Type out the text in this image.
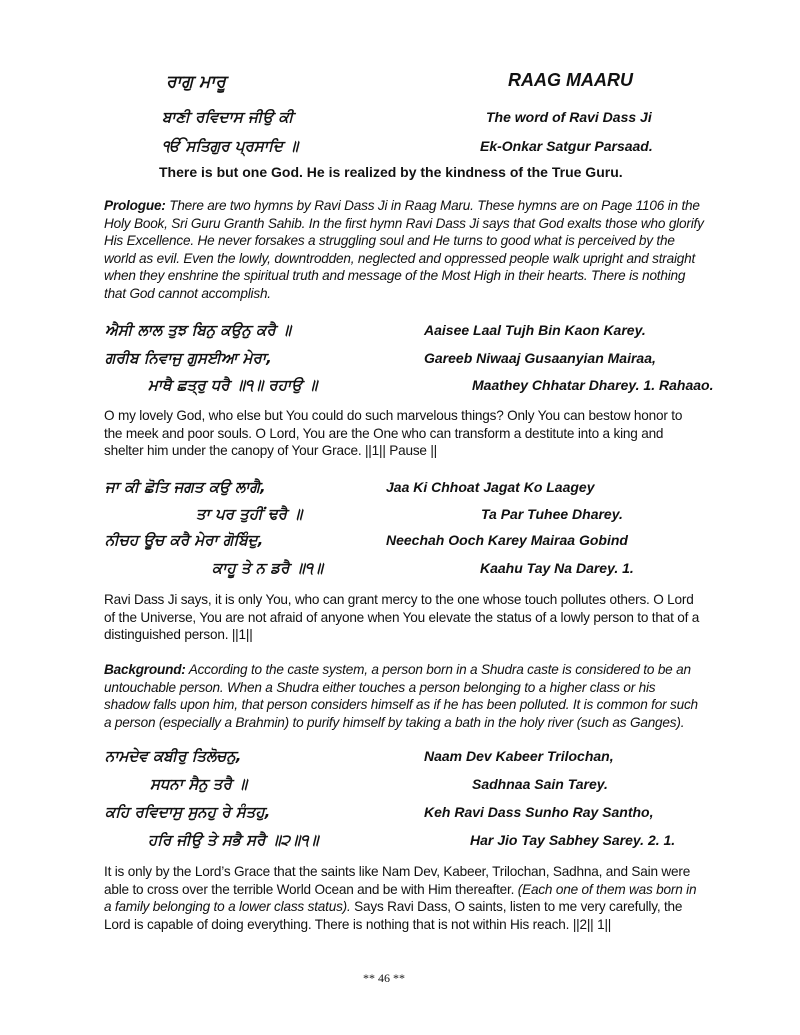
ਰਾਗੁ ਮਾਰੂ	RAAG MAARU
ਬਾਣੀ ਰਵਿਦਾਸ ਜੀਉ ਕੀ	The word of Ravi Dass Ji
ੴ ਸਤਿਗੁਰ ਪ੍ਰਸਾਦਿ ॥	Ek-Onkar Satgur Parsaad.
There is but one God. He is realized by the kindness of the True Guru.
Prologue: There are two hymns by Ravi Dass Ji in Raag Maru. These hymns are on Page 1106 in the Holy Book, Sri Guru Granth Sahib. In the first hymn Ravi Dass Ji says that God exalts those who glorify His Excellence. He never forsakes a struggling soul and He turns to good what is perceived by the world as evil. Even the lowly, downtrodden, neglected and oppressed people walk upright and straight when they enshrine the spiritual truth and message of the Most High in their hearts. There is nothing that God cannot accomplish.
ਐਸੀ ਲਾਲ ਤੁਝ ਬਿਨੁ ਕਉਨੁ ਕਰੈ ॥	Aaisee Laal Tujh Bin Kaon Karey.
ਗਰੀਬ ਨਿਵਾਜੁ ਗੁਸਈਆ ਮੇਰਾ,	Gareeb Niwaaj Gusaanyian Mairaa,
ਮਾਥੈ ਛਤ੍ਰੁ ਧਰੈ ॥੧॥ ਰਹਾਉ ॥	Maathey Chhatar Dharey. 1. Rahaao.
O my lovely God, who else but You could do such marvelous things? Only You can bestow honor to the meek and poor souls. O Lord, You are the One who can transform a destitute into a king and shelter him under the canopy of Your Grace. ||1|| Pause ||
ਜਾ ਕੀ ਛੋਤਿ ਜਗਤ ਕਉ ਲਾਗੈ,	Jaa Ki Chhoat Jagat Ko Laagey
ਤਾ ਪਰ ਤੁਹੀਂ ਢਰੈ ॥	Ta Par Tuhee Dharey.
ਨੀਚਹ ਊਚ ਕਰੈ ਮੇਰਾ ਗੋਬਿੰਦੁ,	Neechah Ooch Karey Mairaa Gobind
ਕਾਹੂ ਤੇ ਨ ਡਰੈ ॥੧॥	Kaahu Tay Na Darey. 1.
Ravi Dass Ji says, it is only You, who can grant mercy to the one whose touch pollutes others. O Lord of the Universe, You are not afraid of anyone when You elevate the status of a lowly person to that of a distinguished person. ||1||
Background: According to the caste system, a person born in a Shudra caste is considered to be an untouchable person. When a Shudra either touches a person belonging to a higher class or his shadow falls upon him, that person considers himself as if he has been polluted. It is common for such a person (especially a Brahmin) to purify himself by taking a bath in the holy river (such as Ganges).
ਨਾਮਦੇਵ ਕਬੀਰੁ ਤਿਲੋਚਨੁ,	Naam Dev Kabeer Trilochan,
ਸਧਨਾ ਸੈਨੁ ਤਰੈ ॥	Sadhnaa Sain Tarey.
ਕਹਿ ਰਵਿਦਾਸੁ ਸੁਨਹੁ ਰੇ ਸੰਤਹੁ,	Keh Ravi Dass Sunho Ray Santho,
ਹਰਿ ਜੀਉ ਤੇ ਸਭੈ ਸਰੈ ॥੨॥੧॥	Har Jio Tay Sabhey Sarey. 2. 1.
It is only by the Lord’s Grace that the saints like Nam Dev, Kabeer, Trilochan, Sadhna, and Sain were able to cross over the terrible World Ocean and be with Him thereafter. (Each one of them was born in a family belonging to a lower class status). Says Ravi Dass, O saints, listen to me very carefully, the Lord is capable of doing everything. There is nothing that is not within His reach. ||2|| 1||
** 46 **
